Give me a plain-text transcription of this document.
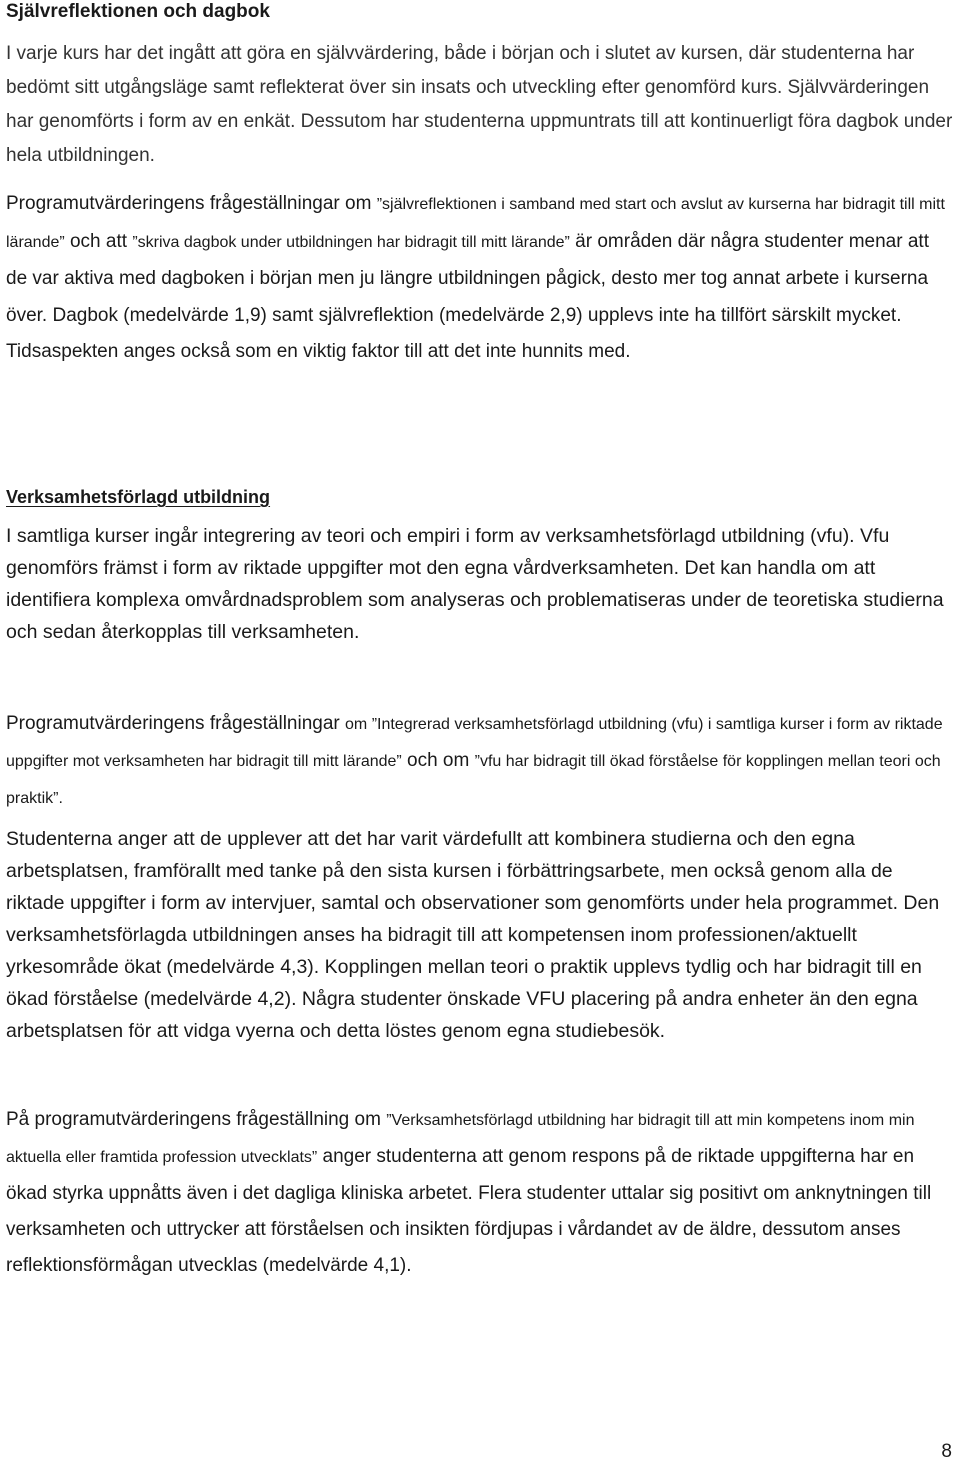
Självreflektionen och dagbok
I varje kurs har det ingått att göra en självvärdering, både i början och i slutet av kursen, där studenterna har bedömt sitt utgångsläge samt reflekterat över sin insats och utveckling efter genomförd kurs. Självvärderingen har genomförts i form av en enkät. Dessutom har studenterna uppmuntrats till att kontinuerligt föra dagbok under hela utbildningen.
Programutvärderingens frågeställningar om ”självreflektionen i samband med start och avslut av kurserna har bidragit till mitt lärande” och att ”skriva dagbok under utbildningen har bidragit till mitt lärande” är områden där några studenter menar att de var aktiva med dagboken i början men ju längre utbildningen pågick, desto mer tog annat arbete i kurserna över. Dagbok (medelvärde 1,9) samt självreflektion (medelvärde 2,9) upplevs inte ha tillfört särskilt mycket. Tidsaspekten anges också som en viktig faktor till att det inte hunnits med.
Verksamhetsförlagd utbildning
I samtliga kurser ingår integrering av teori och empiri i form av verksamhetsförlagd utbildning (vfu). Vfu genomförs främst i form av riktade uppgifter mot den egna vårdverksamheten. Det kan handla om att identifiera komplexa omvårdnadsproblem som analyseras och problematiseras under de teoretiska studierna och sedan återkopplas till verksamheten.
Programutvärderingens frågeställningar om ”Integrerad verksamhetsförlagd utbildning (vfu) i samtliga kurser i form av riktade uppgifter mot verksamheten har bidragit till mitt lärande” och om ”vfu har bidragit till ökad förståelse för kopplingen mellan teori och praktik”.
Studenterna anger att de upplever att det har varit värdefullt att kombinera studierna och den egna arbetsplatsen, framförallt med tanke på den sista kursen i förbättringsarbete, men också genom alla de riktade uppgifter i form av intervjuer, samtal och observationer som genomförts under hela programmet. Den verksamhetsförlagda utbildningen anses ha bidragit till att kompetensen inom professionen/aktuellt yrkesområde ökat (medelvärde 4,3). Kopplingen mellan teori o praktik upplevs tydlig och har bidragit till en ökad förståelse (medelvärde 4,2). Några studenter önskade VFU placering på andra enheter än den egna arbetsplatsen för att vidga vyerna och detta löstes genom egna studiebesök.
På programutvärderingens frågeställning om ”Verksamhetsförlagd utbildning har bidragit till att min kompetens inom min aktuella eller framtida profession utvecklats” anger studenterna att genom respons på de riktade uppgifterna har en ökad styrka uppnåtts även i det dagliga kliniska arbetet. Flera studenter uttalar sig positivt om anknytningen till verksamheten och uttrycker att förståelsen och insikten fördjupas i vårdandet av de äldre, dessutom anses reflektionsförmågan utvecklas (medelvärde 4,1).
8
